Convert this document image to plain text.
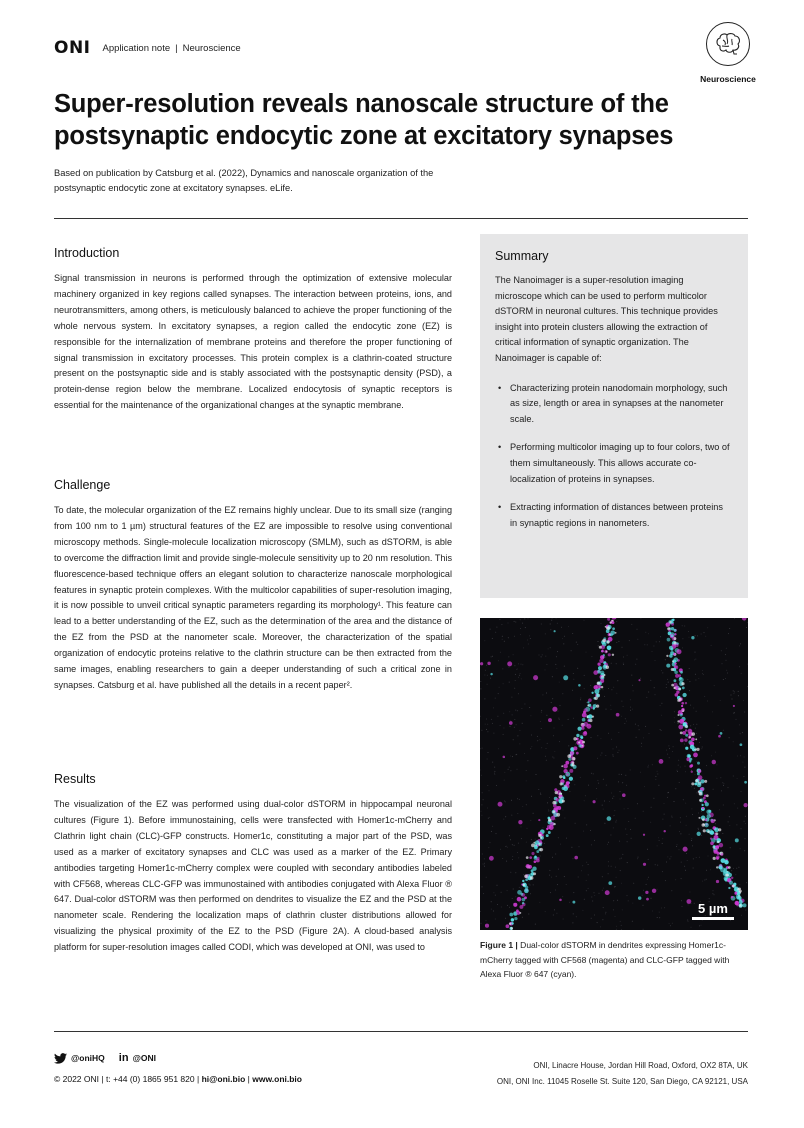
ONI Application note | Neuroscience
Neuroscience
Super-resolution reveals nanoscale structure of the postsynaptic endocytic zone at excitatory synapses

Based on publication by Catsburg et al. (2022), Dynamics and nanoscale organization of the postsynaptic endocytic zone at excitatory synapses. eLife.

Introduction

Signal transmission in neurons is performed through the optimization of extensive molecular machinery organized in key regions called synapses. The interaction between proteins, ions, and neurotransmitters, among others, is meticulously balanced to achieve the proper functioning of the whole nervous system. In excitatory synapses, a region called the endocytic zone (EZ) is responsible for the internalization of membrane proteins and therefore the proper functioning of signal transmission in excitatory processes. This protein complex is a clathrin-coated structure present on the postsynaptic side and is stably associated with the postsynaptic density (PSD), a protein-dense region below the membrane. Localized endocytosis of synaptic receptors is essential for the maintenance of the organizational changes at the synaptic membrane.

Challenge

To date, the molecular organization of the EZ remains highly unclear. Due to its small size (ranging from 100 nm to 1 µm) structural features of the EZ are impossible to resolve using conventional microscopy methods. Single-molecule localization microscopy (SMLM), such as dSTORM, is able to overcome the diffraction limit and provide single-molecule sensitivity up to 20 nm resolution. This fluorescence-based technique offers an elegant solution to characterize nanoscale morphological features in synaptic protein complexes. With the multicolor capabilities of super-resolution imaging, it is now possible to unveil critical synaptic parameters regarding its morphology¹. This feature can lead to a better understanding of the EZ, such as the determination of the area and the distance of the EZ from the PSD at the nanometer scale. Moreover, the characterization of the spatial organization of endocytic proteins relative to the clathrin structure can be then extracted from the same images, enabling researchers to gain a deeper understanding of such a critical zone in synapses. Catsburg et al. have published all the details in a recent paper².

Results

The visualization of the EZ was performed using dual-color dSTORM in hippocampal neuronal cultures (Figure 1). Before immunostaining, cells were transfected with Homer1c-mCherry and Clathrin light chain (CLC)-GFP constructs. Homer1c, constituting a major part of the PSD, was used as a marker of excitatory synapses and CLC was used as a marker of the EZ. Primary antibodies targeting Homer1c-mCherry complex were coupled with secondary antibodies labeled with CF568, whereas CLC-GFP was immunostained with antibodies conjugated with Alexa Fluor ® 647. Dual-color dSTORM was then performed on dendrites to visualize the EZ and the PSD at the nanometer scale. Rendering the localization maps of clathrin cluster distributions allowed for visualizing the physical proximity of the EZ to the PSD (Figure 2A). A cloud-based analysis platform for super-resolution images called CODI, which was developed at ONI, was used to

Summary

The Nanoimager is a super-resolution imaging microscope which can be used to perform multicolor dSTORM in neuronal cultures. This technique provides insight into protein clusters allowing the extraction of critical information of synaptic organization. The Nanoimager is capable of:

• Characterizing protein nanodomain morphology, such as size, length or area in synapses at the nanometer scale.
• Performing multicolor imaging up to four colors, two of them simultaneously. This allows accurate co-localization of proteins in synapses.
• Extracting information of distances between proteins in synaptic regions in nanometers.
5 µm

Figure 1 | Dual-color dSTORM in dendrites expressing Homer1c-mCherry tagged with CF568 (magenta) and CLC-GFP tagged with Alexa Fluor ® 647 (cyan).

@oniHQ in @ONI
© 2022 ONI | t: +44 (0) 1865 951 820 | hi@oni.bio | www.oni.bio
ONI, Linacre House, Jordan Hill Road, Oxford, OX2 8TA, UK
ONI, ONI Inc. 11045 Roselle St. Suite 120, San Diego, CA 92121, USA
